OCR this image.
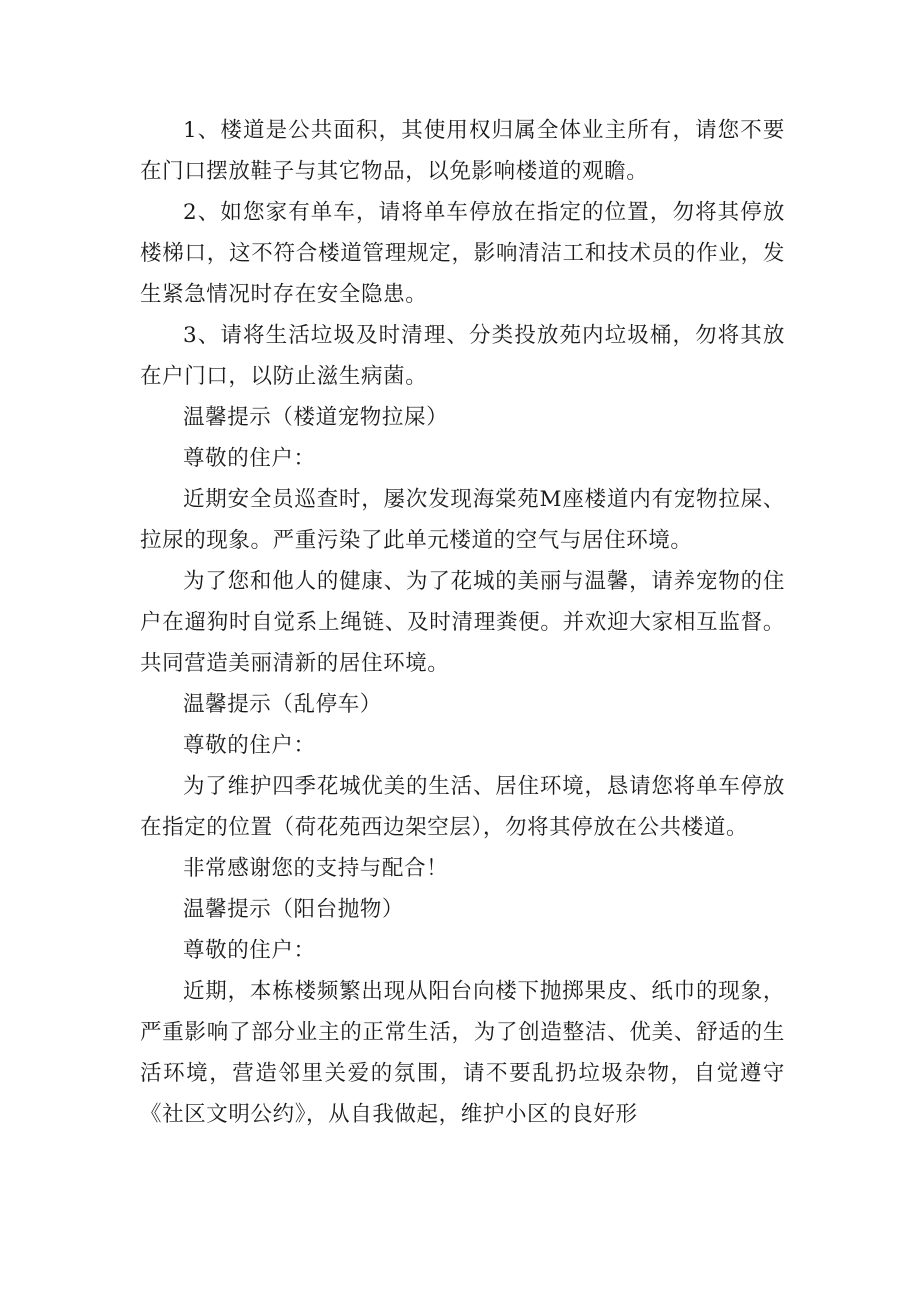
1、楼道是公共面积，其使用权归属全体业主所有，请您不要在门口摆放鞋子与其它物品，以免影响楼道的观瞻。

2、如您家有单车，请将单车停放在指定的位置，勿将其停放楼梯口，这不符合楼道管理规定，影响清洁工和技术员的作业，发生紧急情况时存在安全隐患。

3、请将生活垃圾及时清理、分类投放苑内垃圾桶，勿将其放在户门口，以防止滋生病菌。

温馨提示（楼道宠物拉屎）

尊敬的住户：

近期安全员巡查时，屡次发现海棠苑M座楼道内有宠物拉屎、拉尿的现象。严重污染了此单元楼道的空气与居住环境。

为了您和他人的健康、为了花城的美丽与温馨，请养宠物的住户在遛狗时自觉系上绳链、及时清理粪便。并欢迎大家相互监督。共同营造美丽清新的居住环境。

温馨提示（乱停车）

尊敬的住户：

为了维护四季花城优美的生活、居住环境，恳请您将单车停放在指定的位置（荷花苑西边架空层），勿将其停放在公共楼道。

非常感谢您的支持与配合！

温馨提示（阳台抛物）

尊敬的住户：

近期，本栋楼频繁出现从阳台向楼下抛掷果皮、纸巾的现象，严重影响了部分业主的正常生活，为了创造整洁、优美、舒适的生活环境，营造邻里关爱的氛围，请不要乱扔垃圾杂物，自觉遵守《社区文明公约》，从自我做起，维护小区的良好形
